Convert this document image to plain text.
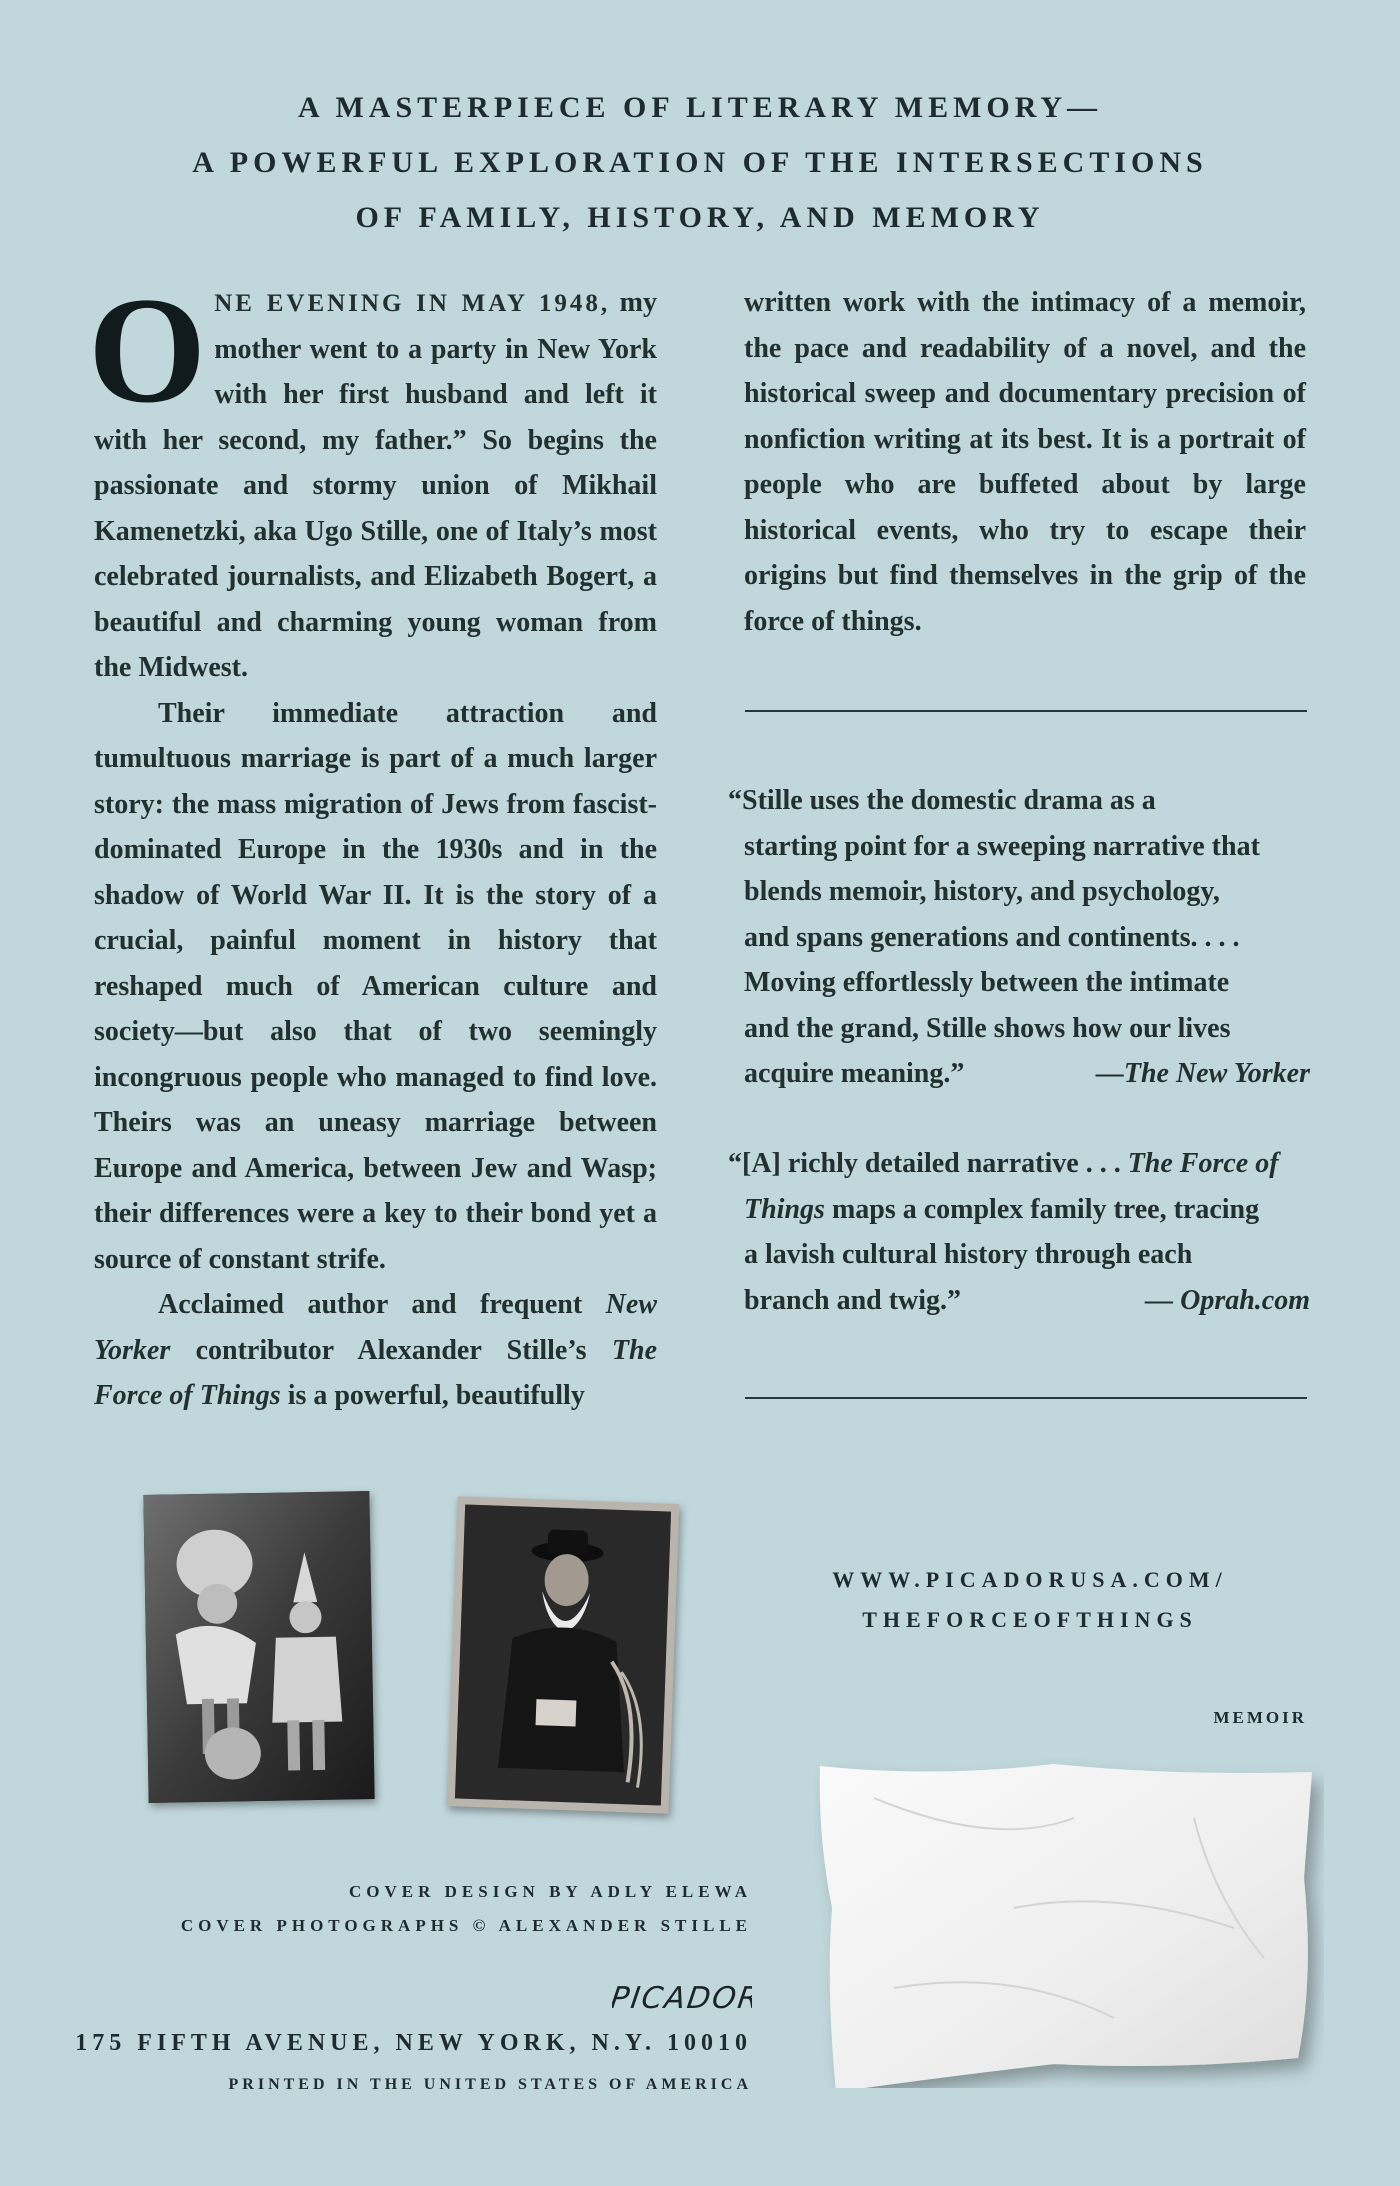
A MASTERPIECE OF LITERARY MEMORY—
A POWERFUL EXPLORATION OF THE INTERSECTIONS
OF FAMILY, HISTORY, AND MEMORY

ONE EVENING IN MAY 1948, my mother went to a party in New York with her first husband and left it with her second, my father.” So begins the passionate and stormy union of Mikhail Kamenetzki, aka Ugo Stille, one of Italy’s most celebrated journalists, and Elizabeth Bogert, a beautiful and charming young woman from the Midwest.

Their immediate attraction and tumultuous marriage is part of a much larger story: the mass migration of Jews from fascist-dominated Europe in the 1930s and in the shadow of World War II. It is the story of a crucial, painful moment in history that reshaped much of American culture and society—but also that of two seemingly incongruous people who managed to find love. Theirs was an uneasy marriage between Europe and America, between Jew and Wasp; their differences were a key to their bond yet a source of constant strife.

Acclaimed author and frequent New Yorker contributor Alexander Stille’s The Force of Things is a powerful, beautifully

written work with the intimacy of a memoir, the pace and readability of a novel, and the historical sweep and documentary precision of nonfiction writing at its best. It is a portrait of people who are buffeted about by large historical events, who try to escape their origins but find themselves in the grip of the force of things.

“Stille uses the domestic drama as a
starting point for a sweeping narrative that
blends memoir, history, and psychology,
and spans generations and continents. . . .
Moving effortlessly between the intimate
and the grand, Stille shows how our lives
acquire meaning.”	—The New Yorker
“[A] richly detailed narrative . . . The Force of
Things maps a complex family tree, tracing
a lavish cultural history through each
branch and twig.”	— Oprah.com
WWW.PICADORUSA.COM/
THEFORCEOFTHINGS
MEMOIR
COVER DESIGN BY ADLY ELEWA
COVER PHOTOGRAPHS © ALEXANDER STILLE
PICADOR
175 FIFTH AVENUE, NEW YORK, N.Y. 10010
PRINTED IN THE UNITED STATES OF AMERICA
